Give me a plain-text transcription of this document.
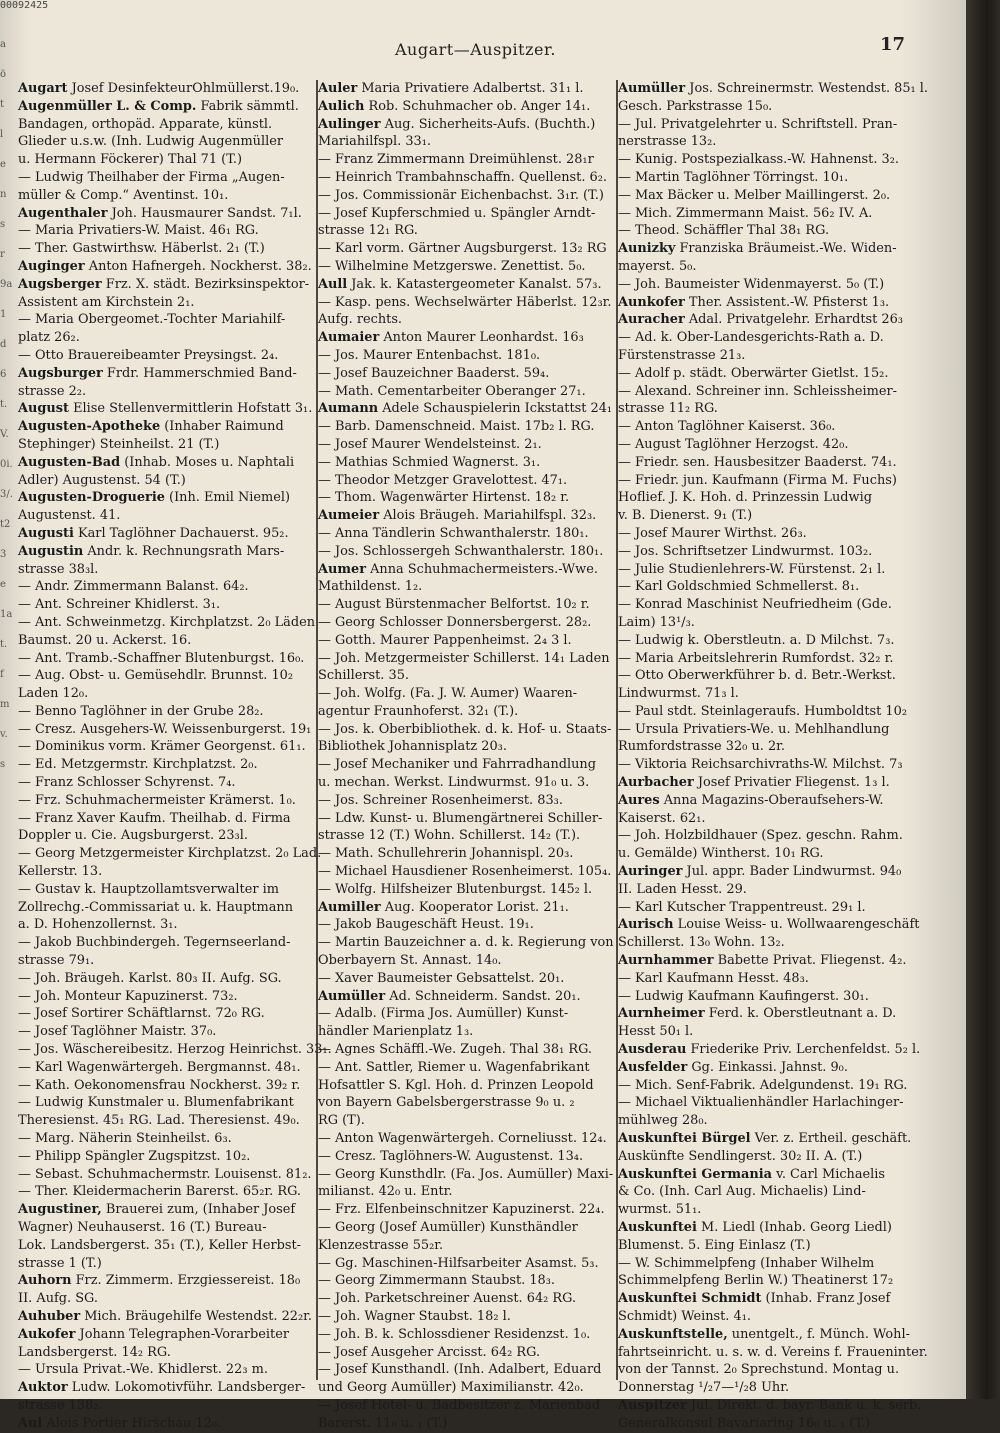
00092425
a
ö
t
l
e
n
s
r
9a
1
d
6
t.
V.
0i.
3/.
t2
3
e
1a
t.
f
m
v.
s
Augart—Auspitzer.	17
Augart Josef DesinfekteurOhlmüllerst.19₀.
Augenmüller L. & Comp. Fabrik sämmtl.
Bandagen, orthopäd. Apparate, künstl.
Glieder u.s.w. (Inh. Ludwig Augenmüller
u. Hermann Föckerer) Thal 71 (T.)
— Ludwig Theilhaber der Firma „Augen-
müller & Comp.“ Aventinst. 10₁.
Augenthaler Joh. Hausmaurer Sandst. 7₁l.
— Maria Privatiers-W. Maist. 46₁ RG.
— Ther. Gastwirthsw. Häberlst. 2₁ (T.)
Auginger Anton Hafnergeh. Nockherst. 38₂.
Augsberger Frz. X. städt. Bezirksinspektor-
Assistent am Kirchstein 2₁.
— Maria Obergeomet.-Tochter Mariahilf-
platz 26₂.
— Otto Brauereibeamter Preysingst. 2₄.
Augsburger Frdr. Hammerschmied Band-
strasse 2₂.
August Elise Stellenvermittlerin Hofstatt 3₁.
Augusten-Apotheke (Inhaber Raimund
Stephinger) Steinheilst. 21 (T.)
Augusten-Bad (Inhab. Moses u. Naphtali
Adler) Augustenst. 54 (T.)
Augusten-Droguerie (Inh. Emil Niemel)
Augustenst. 41.
Augusti Karl Taglöhner Dachauerst. 95₂.
Augustin Andr. k. Rechnungsrath Mars-
strasse 38₃l.
— Andr. Zimmermann Balanst. 64₂.
— Ant. Schreiner Khidlerst. 3₁.
— Ant. Schweinmetzg. Kirchplatzst. 2₀ Läden
Baumst. 20 u. Ackerst. 16.
— Ant. Tramb.-Schaffner Blutenburgst. 16₀.
— Aug. Obst- u. Gemüsehdlr. Brunnst. 10₂
Laden 12₀.
— Benno Taglöhner in der Grube 28₂.
— Cresz. Ausgehers-W. Weissenburgerst. 19₁
— Dominikus vorm. Krämer Georgenst. 61₁.
— Ed. Metzgermstr. Kirchplatzst. 2₀.
— Franz Schlosser Schyrenst. 7₄.
— Frz. Schuhmachermeister Krämerst. 1₀.
— Franz Xaver Kaufm. Theilhab. d. Firma
Doppler u. Cie. Augsburgerst. 23₃l.
— Georg Metzgermeister Kirchplatzst. 2₀ Lad.
Kellerstr. 13.
— Gustav k. Hauptzollamtsverwalter im
Zollrechg.-Commissariat u. k. Hauptmann
a. D. Hohenzollernst. 3₁.
— Jakob Buchbindergeh. Tegernseerland-
strasse 79₁.
— Joh. Bräugeh. Karlst. 80₃ II. Aufg. SG.
— Joh. Monteur Kapuzinerst. 73₂.
— Josef Sortirer Schäftlarnst. 72₀ RG.
— Josef Taglöhner Maistr. 37₀.
— Jos. Wäschereibesitz. Herzog Heinrichst. 33₁.
— Karl Wagenwärtergeh. Bergmannst. 48₁.
— Kath. Oekonomensfrau Nockherst. 39₂ r.
— Ludwig Kunstmaler u. Blumenfabrikant
Theresienst. 45₁ RG. Lad. Theresienst. 49₀.
— Marg. Näherin Steinheilst. 6₃.
— Philipp Spängler Zugspitzst. 10₂.
— Sebast. Schuhmachermstr. Louisenst. 81₂.
— Ther. Kleidermacherin Barerst. 65₂r. RG.
Augustiner, Brauerei zum, (Inhaber Josef
Wagner) Neuhauserst. 16 (T.) Bureau-
Lok. Landsbergerst. 35₁ (T.), Keller Herbst-
strasse 1 (T.)
Auhorn Frz. Zimmerm. Erzgiessereist. 18₀
II. Aufg. SG.
Auhuber Mich. Bräugehilfe Westendst. 22₂r.
Aukofer Johann Telegraphen-Vorarbeiter
Landsbergerst. 14₂ RG.
— Ursula Privat.-We. Khidlerst. 22₃ m.
Auktor Ludw. Lokomotivführ. Landsberger-
strasse 138₂.
Aul Alois Portier Hirschau 12₀.
Auler Maria Privatiere Adalbertst. 31₁ l.
Aulich Rob. Schuhmacher ob. Anger 14₁.
Aulinger Aug. Sicherheits-Aufs. (Buchth.)
Mariahilfspl. 33₁.
— Franz Zimmermann Dreimühlenst. 28₁r
— Heinrich Trambahnschaffn. Quellenst. 6₂.
— Jos. Commissionär Eichenbachst. 3₁r. (T.)
— Josef Kupferschmied u. Spängler Arndt-
strasse 12₁ RG.
— Karl vorm. Gärtner Augsburgerst. 13₂ RG
— Wilhelmine Metzgerswe. Zenettist. 5₀.
Aull Jak. k. Katastergeometer Kanalst. 57₃.
— Kasp. pens. Wechselwärter Häberlst. 12₃r.
Aufg. rechts.
Aumaier Anton Maurer Leonhardst. 16₃
— Jos. Maurer Entenbachst. 181₀.
— Josef Bauzeichner Baaderst. 59₄.
— Math. Cementarbeiter Oberanger 27₁.
Aumann Adele Schauspielerin Ickstattst 24₁
— Barb. Damenschneid. Maist. 17b₂ l. RG.
— Josef Maurer Wendelsteinst. 2₁.
— Mathias Schmied Wagnerst. 3₁.
— Theodor Metzger Gravelottest. 47₁.
— Thom. Wagenwärter Hirtenst. 18₂ r.
Aumeier Alois Bräugeh. Mariahilfspl. 32₃.
— Anna Tändlerin Schwanthalerstr. 180₁.
— Jos. Schlossergeh Schwanthalerstr. 180₁.
Aumer Anna Schuhmachermeisters.-Wwe.
Mathildenst. 1₂.
— August Bürstenmacher Belfortst. 10₂ r.
— Georg Schlosser Donnersbergerst. 28₂.
— Gotth. Maurer Pappenheimst. 2₄ 3 l.
— Joh. Metzgermeister Schillerst. 14₁ Laden
Schillerst. 35.
— Joh. Wolfg. (Fa. J. W. Aumer) Waaren-
agentur Fraunhoferst. 32₁ (T.).
— Jos. k. Oberbibliothek. d. k. Hof- u. Staats-
Bibliothek Johannisplatz 20₃.
— Josef Mechaniker und Fahrradhandlung
u. mechan. Werkst. Lindwurmst. 91₀ u. 3.
— Jos. Schreiner Rosenheimerst. 83₃.
— Ldw. Kunst- u. Blumengärtnerei Schiller-
strasse 12 (T.) Wohn. Schillerst. 14₂ (T.).
— Math. Schullehrerin Johannispl. 20₃.
— Michael Hausdiener Rosenheimerst. 105₄.
— Wolfg. Hilfsheizer Blutenburgst. 145₂ l.
Aumiller Aug. Kooperator Lorist. 21₁.
— Jakob Baugeschäft Heust. 19₁.
— Martin Bauzeichner a. d. k. Regierung von
Oberbayern St. Annast. 14₀.
— Xaver Baumeister Gebsattelst. 20₁.
Aumüller Ad. Schneiderm. Sandst. 20₁.
— Adalb. (Firma Jos. Aumüller) Kunst-
händler Marienplatz 1₃.
— Agnes Schäffl.-We. Zugeh. Thal 38₁ RG.
— Ant. Sattler, Riemer u. Wagenfabrikant
Hofsattler S. Kgl. Hoh. d. Prinzen Leopold
von Bayern Gabelsbergerstrasse 9₀ u. ₂
RG (T).
— Anton Wagenwärtergeh. Corneliusst. 12₄.
— Cresz. Taglöhners-W. Augustenst. 13₄.
— Georg Kunsthdlr. (Fa. Jos. Aumüller) Maxi-
milianst. 42₀ u. Entr.
— Frz. Elfenbeinschnitzer Kapuzinerst. 22₄.
— Georg (Josef Aumüller) Kunsthändler
Klenzestrasse 55₂r.
— Gg. Maschinen-Hilfsarbeiter Asamst. 5₃.
— Georg Zimmermann Staubst. 18₃.
— Joh. Parketschreiner Auenst. 64₂ RG.
— Joh. Wagner Staubst. 18₂ l.
— Joh. B. k. Schlossdiener Residenzst. 1₀.
— Josef Ausgeher Arcisst. 64₂ RG.
— Josef Kunsthandl. (Inh. Adalbert, Eduard
und Georg Aumüller) Maximilianstr. 42₀.
— Josef Hotel- u. Badbesitzer z. Marienbad
Barerst. 11₀ u. ₁ (T.)
Aumüller Jos. Schreinermstr. Westendst. 85₁ l.
Gesch. Parkstrasse 15₀.
— Jul. Privatgelehrter u. Schriftstell. Pran-
nerstrasse 13₂.
— Kunig. Postspezialkass.-W. Hahnenst. 3₂.
— Martin Taglöhner Törringst. 10₁.
— Max Bäcker u. Melber Maillingerst. 2₀.
— Mich. Zimmermann Maist. 56₂ IV. A.
— Theod. Schäffler Thal 38₁ RG.
Aunizky Franziska Bräumeist.-We. Widen-
mayerst. 5₀.
— Joh. Baumeister Widenmayerst. 5₀ (T.)
Aunkofer Ther. Assistent.-W. Pfisterst 1₃.
Auracher Adal. Privatgelehr. Erhardtst 26₃
— Ad. k. Ober-Landesgerichts-Rath a. D.
Fürstenstrasse 21₃.
— Adolf p. städt. Oberwärter Gietlst. 15₂.
— Alexand. Schreiner inn. Schleissheimer-
strasse 11₂ RG.
— Anton Taglöhner Kaiserst. 36₀.
— August Taglöhner Herzogst. 42₀.
— Friedr. sen. Hausbesitzer Baaderst. 74₁.
— Friedr. jun. Kaufmann (Firma M. Fuchs)
Hoflief. J. K. Hoh. d. Prinzessin Ludwig
v. B. Dienerst. 9₁ (T.)
— Josef Maurer Wirthst. 26₃.
— Jos. Schriftsetzer Lindwurmst. 103₂.
— Julie Studienlehrers-W. Fürstenst. 2₁ l.
— Karl Goldschmied Schmellerst. 8₁.
— Konrad Maschinist Neufriedheim (Gde.
Laim) 13¹/₃.
— Ludwig k. Oberstleutn. a. D Milchst. 7₃.
— Maria Arbeitslehrerin Rumfordst. 32₂ r.
— Otto Oberwerkführer b. d. Betr.-Werkst.
Lindwurmst. 71₃ l.
— Paul stdt. Steinlageraufs. Humboldtst 10₂
— Ursula Privatiers-We. u. Mehlhandlung
Rumfordstrasse 32₀ u. 2r.
— Viktoria Reichsarchivraths-W. Milchst. 7₃
Aurbacher Josef Privatier Fliegenst. 1₃ l.
Aures Anna Magazins-Oberaufsehers-W.
Kaiserst. 62₁.
— Joh. Holzbildhauer (Spez. geschn. Rahm.
u. Gemälde) Wintherst. 10₁ RG.
Auringer Jul. appr. Bader Lindwurmst. 94₀
II. Laden Hesst. 29.
— Karl Kutscher Trappentreust. 29₁ l.
Aurisch Louise Weiss- u. Wollwaarengeschäft
Schillerst. 13₀ Wohn. 13₂.
Aurnhammer Babette Privat. Fliegenst. 4₂.
— Karl Kaufmann Hesst. 48₃.
— Ludwig Kaufmann Kaufingerst. 30₁.
Aurnheimer Ferd. k. Oberstleutnant a. D.
Hesst 50₁ l.
Ausderau Friederike Priv. Lerchenfeldst. 5₂ l.
Ausfelder Gg. Einkassi. Jahnst. 9₀.
— Mich. Senf-Fabrik. Adelgundenst. 19₁ RG.
— Michael Viktualienhändler Harlachinger-
mühlweg 28₀.
Auskunftei Bürgel Ver. z. Ertheil. geschäft.
Auskünfte Sendlingerst. 30₂ II. A. (T.)
Auskunftei Germania v. Carl Michaelis
& Co. (Inh. Carl Aug. Michaelis) Lind-
wurmst. 51₁.
Auskunftei M. Liedl (Inhab. Georg Liedl)
Blumenst. 5. Eing Einlasz (T.)
— W. Schimmelpfeng (Inhaber Wilhelm
Schimmelpfeng Berlin W.) Theatinerst 17₂
Auskunftei Schmidt (Inhab. Franz Josef
Schmidt) Weinst. 4₁.
Auskunftstelle, unentgelt., f. Münch. Wohl-
fahrtseinricht. u. s. w. d. Vereins f. Fraueninter.
von der Tannst. 2₀ Sprechstund. Montag u.
Donnerstag ¹/₂7—¹/₂8 Uhr.
Auspitzer Jul. Direkt. d. bayr. Bank u. k. serb.
Generalkonsul Bavariaring 16₀ u. ₁ (T.)
